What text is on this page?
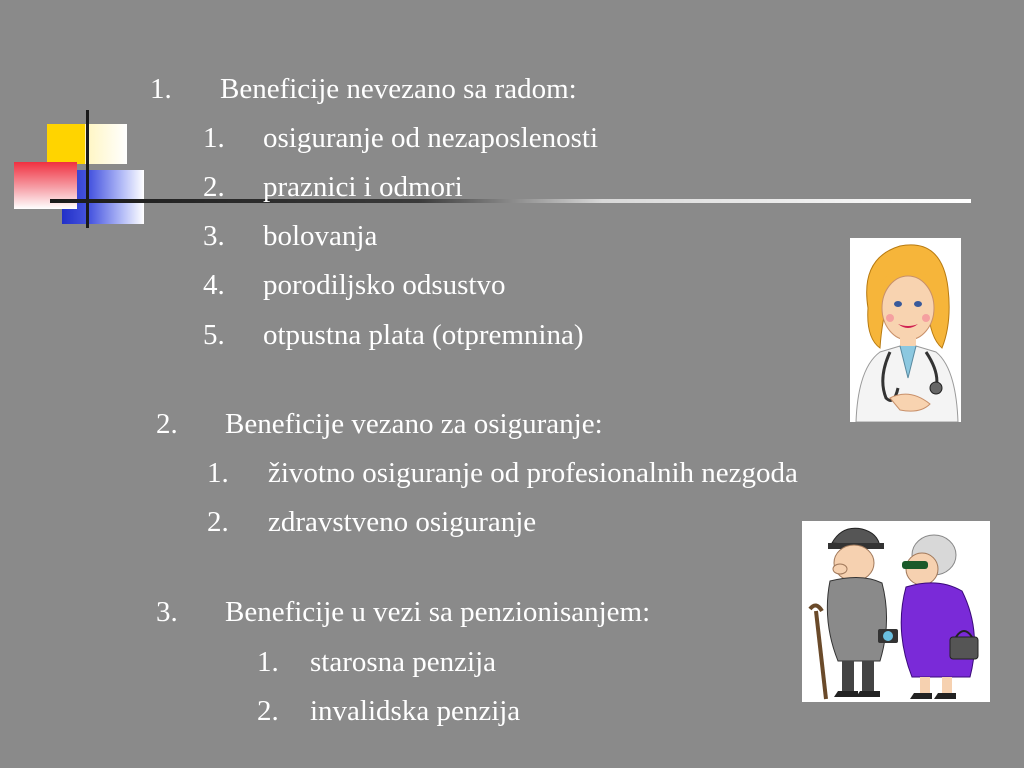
1. Beneficije nevezano sa radom:
1. osiguranje od nezaposlenosti
2. praznici i odmori
3. bolovanja
4. porodiljsko odsustvo
5. otpustna plata (otpremnina)
2. Beneficije vezano za osiguranje:
1. životno osiguranje od profesionalnih nezgoda
2. zdravstveno osiguranje
3. Beneficije u vezi sa penzionisanjem:
1. starosna penzija
2. invalidska penzija
